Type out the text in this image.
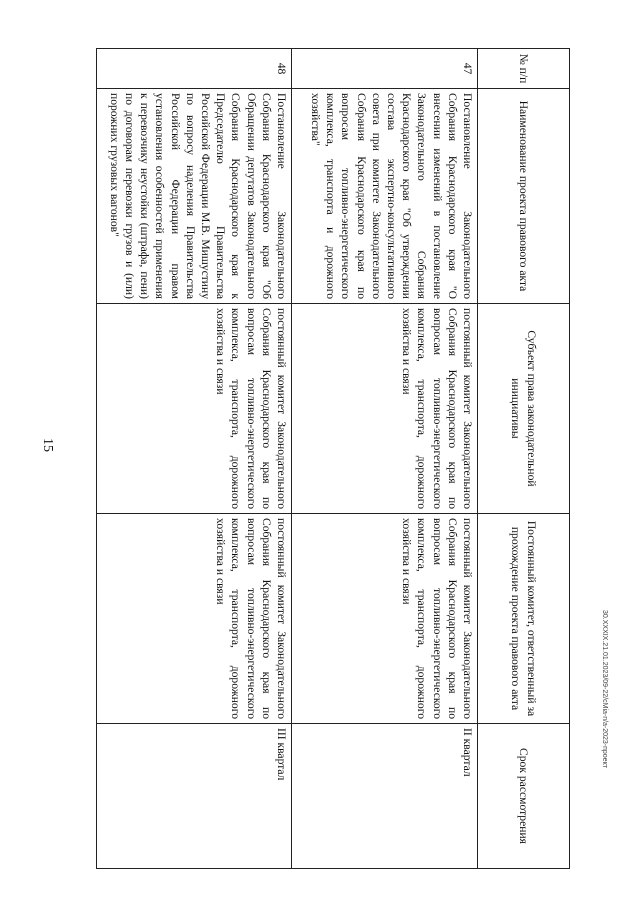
15
№ п/п	Наименование проекта правового акта	Субъект права законодательной инициативы	Постоянный комитет, ответственный за прохождение проекта правового акта	Срок рассмотрения
47	Постановление Законодательного Собрания Краснодарского края "О внесении изменений в постановление Законодательного Собрания Краснодарского края "Об утверждении состава экспертно-консультативного совета при комитете Законодательного Собрания Краснодарского края по вопросам топливно-энергетического комплекса, транспорта и дорожного хозяйства"	постоянный комитет Законодательного Собрания Краснодарского края по вопросам топливно-энергетического комплекса, транспорта, дорожного хозяйства и связи	постоянный комитет Законодательного Собрания Краснодарского края по вопросам топливно-энергетического комплекса, транспорта, дорожного хозяйства и связи	II квартал
48	Постановление Законодательного Собрания Краснодарского края "Об Обращении депутатов Законодательного Собрания Краснодарского края к Председателю Правительства Российской Федерации М.В. Мишустину по вопросу наделения Правительства Российской Федерации правом установления особенностей применения к перевозчику неустойки (штрафа, пени) по договорам перевозки грузов и (или) порожних грузовых вагонов"	постоянный комитет Законодательного Собрания Краснодарского края по вопросам топливно-энергетического комплекса, транспорта, дорожного хозяйства и связи	постоянный комитет Законодательного Собрания Краснодарского края по вопросам топливно-энергетического комплекса, транспорта, дорожного хозяйства и связи	III квартал	30.XXXIX.21.01.2023/09-22/сМiа-п/а-2023-проект
